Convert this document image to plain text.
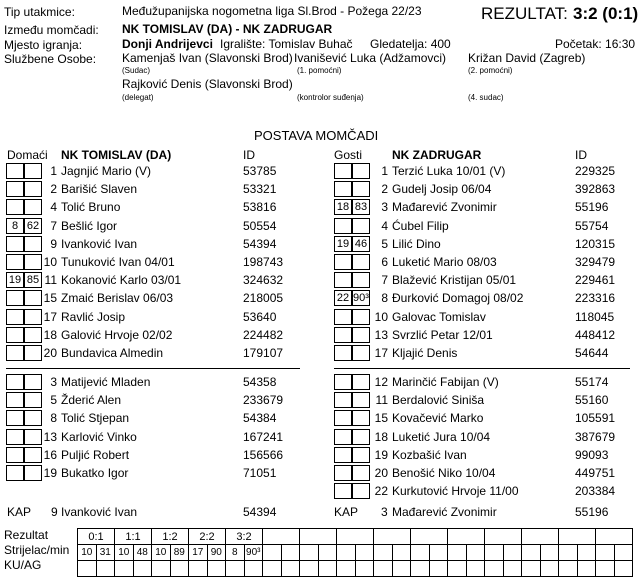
Tip utakmice:	Međužupanijska nogometna liga Sl.Brod - Požega 22/23	REZULTAT: 3:2 (0:1)
Između momčadi: NK TOMISLAV (DA) - NK ZADRUGAR
Mjesto igranja:	Donji Andrijevci Igralište: Tomislav Buhač Gledatelja: 400	Početak: 16:30
Službene Osobe: Kamenjaš Ivan (Slavonski Brod) Ivanišević Luka (Adžamovci) Križan David (Zagreb)
(Sudac)	(1. pomoćni)	(2. pomoćni)
Rajković Denis (Slavonski Brod)
(delegat)	(kontrolor suđenja)	(4. sudac)
POSTAVA MOMČADI
Domaći NK TOMISLAV (DA)	ID	Gosti NK ZADRUGAR	ID
1 Jagnjić Mario (V)	53785
2 Barišić Slaven	53321
4 Tolić Bruno	53816
8 62 7 Bešlić Igor	50554
9 Ivanković Ivan	54394
10 Tunuković Ivan 04/01	198743
19 85 11 Kokanović Karlo 03/01	324632
15 Zmaić Berislav 06/03	218005
17 Ravlić Josip	53640
18 Galović Hrvoje 02/02	224482
20 Bundavica Almedin	179107
1 Terzić Luka 10/01 (V)	229325
2 Gudelj Josip 06/04	392863
18 83	3 Mađarević Zvonimir	55196
4 Ćubel Filip	55754
19 46	5 Lilić Dino	120315
6 Luketić Mario 08/03	329479
7 Blažević Kristijan 05/01	229461
22 90³	8 Đurković Domagoj 08/02	223316
10 Galovac Tomislav	118045
13 Svrzlić Petar 12/01	448412
17 Kljajić Denis	54644
3 Matijević Mladen	54358
5 Žderić Alen	233679
8 Tolić Stjepan	54384
13 Karlović Vinko	167241
16 Puljić Robert	156566
19 Bukatko Igor	71051
12 Marinčić Fabijan (V)	55174
11 Berdalović Siniša	55160
15 Kovačević Marko	105591
18 Luketić Jura 10/04	387679
19 Kozbašić Ivan	99093
20 Benošić Niko 10/04	449751
22 Kurkutović Hrvoje 11/00	203384
KAP 9 Ivanković Ivan	54394	KAP 3 Mađarević Zvonimir	55196
Rezultat
Strijelac/min
KU/AG
0:1		1:1		1:2		2:2		3:2																					
10	31	10	48	10	89	17	90	8	90³																				
